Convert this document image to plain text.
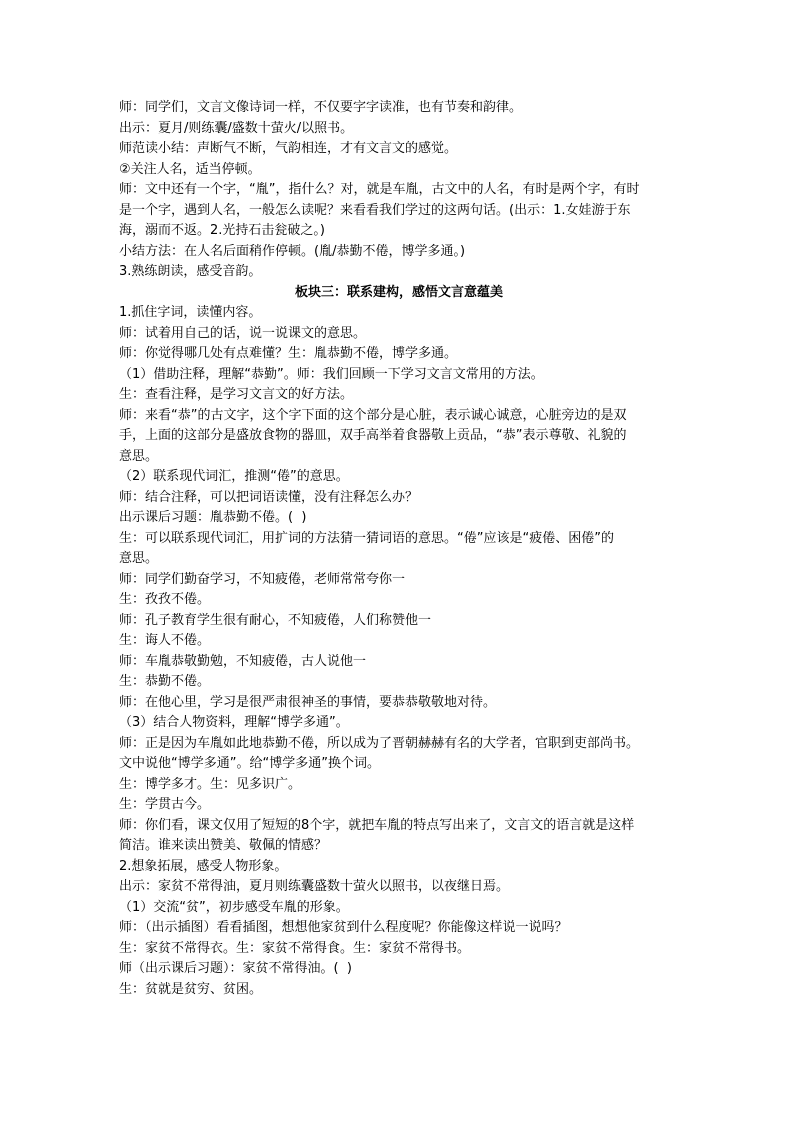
师：同学们，文言文像诗词一样，不仅要字字读准，也有节奏和韵律。
出示：夏月/则练囊/盛数十萤火/以照书。
师范读小结：声断气不断，气韵相连，才有文言文的感觉。
②关注人名，适当停顿。
师：文中还有一个字，“胤”，指什么？对，就是车胤，古文中的人名，有时是两个字，有时
是一个字，遇到人名，一般怎么读呢？来看看我们学过的这两句话。(出示：1.女娃游于东
海，溺而不返。2.光持石击瓮破之。)
小结方法：在人名后面稍作停顿。(胤/恭勤不倦，博学多通。)
3.熟练朗读，感受音韵。
板块三：联系建构，感悟文言意蕴美
1.抓住字词，读懂内容。
师：试着用自己的话，说一说课文的意思。
师：你觉得哪几处有点难懂？生：胤恭勤不倦，博学多通。
（1）借助注释，理解“恭勤”。师：我们回顾一下学习文言文常用的方法。
生：查看注释，是学习文言文的好方法。
师：来看“恭”的古文字，这个字下面的这个部分是心脏，表示诚心诚意，心脏旁边的是双
手，上面的这部分是盛放食物的器皿，双手高举着食器敬上贡品，“恭”表示尊敬、礼貌的
意思。
（2）联系现代词汇，推测“倦”的意思。
师：结合注释，可以把词语读懂，没有注释怎么办？
出示课后习题：胤恭勤不倦。(  )
生：可以联系现代词汇，用扩词的方法猜一猜词语的意思。“倦”应该是“疲倦、困倦”的
意思。
师：同学们勤奋学习，不知疲倦，老师常常夸你一
生：孜孜不倦。
师：孔子教育学生很有耐心，不知疲倦，人们称赞他一
生：诲人不倦。
师：车胤恭敬勤勉，不知疲倦，古人说他一
生：恭勤不倦。
师：在他心里，学习是很严肃很神圣的事情，要恭恭敬敬地对待。
（3）结合人物资料，理解“博学多通”。
师：正是因为车胤如此地恭勤不倦，所以成为了晋朝赫赫有名的大学者，官职到吏部尚书。
文中说他“博学多通”。给“博学多通”换个词。
生：博学多才。生：见多识广。
生：学贯古今。
师：你们看，课文仅用了短短的8个字，就把车胤的特点写出来了，文言文的语言就是这样
简洁。谁来读出赞美、敬佩的情感？
2.想象拓展，感受人物形象。
出示：家贫不常得油，夏月则练囊盛数十萤火以照书，以夜继日焉。
（1）交流“贫”，初步感受车胤的形象。
师：（出示插图）看看插图，想想他家贫到什么程度呢？你能像这样说一说吗？
生：家贫不常得衣。生：家贫不常得食。生：家贫不常得书。
师（出示课后习题）：家贫不常得油。(  )
生：贫就是贫穷、贫困。
